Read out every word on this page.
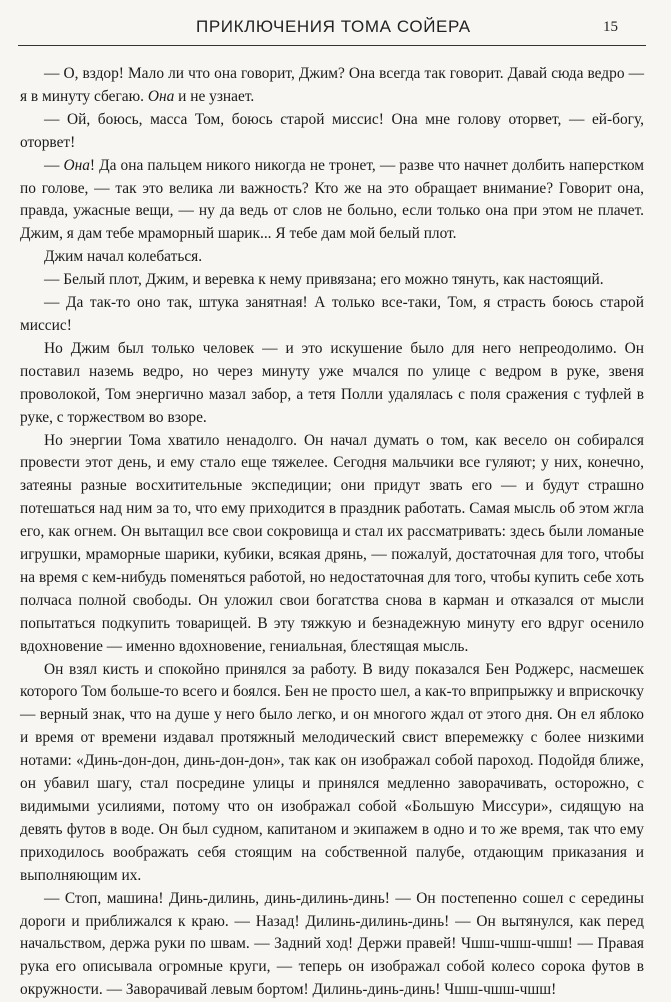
ПРИКЛЮЧЕНИЯ ТОМА СОЙЕРА	15

— О, вздор! Мало ли что она говорит, Джим? Она всегда так говорит. Давай сюда ведро — я в минуту сбегаю. Она и не узнает.

— Ой, боюсь, масса Том, боюсь старой миссис! Она мне голову оторвет, — ей-богу, оторвет!

— Она! Да она пальцем никого никогда не тронет, — разве что начнет долбить наперстком по голове, — так это велика ли важность? Кто же на это обращает внимание? Говорит она, правда, ужасные вещи, — ну да ведь от слов не больно, если только она при этом не плачет. Джим, я дам тебе мраморный шарик... Я тебе дам мой белый плот.

Джим начал колебаться.

— Белый плот, Джим, и веревка к нему привязана; его можно тянуть, как настоящий.

— Да так-то оно так, штука занятная! А только все-таки, Том, я страсть боюсь старой миссис!

Но Джим был только человек — и это искушение было для него непреодолимо. Он поставил наземь ведро, но через минуту уже мчался по улице с ведром в руке, звеня проволокой, Том энергично мазал забор, а тетя Полли удалялась с поля сражения с туфлей в руке, с торжеством во взоре.

Но энергии Тома хватило ненадолго. Он начал думать о том, как весело он собирался провести этот день, и ему стало еще тяжелее. Сегодня мальчики все гуляют; у них, конечно, затеяны разные восхитительные экспедиции; они придут звать его — и будут страшно потешаться над ним за то, что ему приходится в праздник работать. Самая мысль об этом жгла его, как огнем. Он вытащил все свои сокровища и стал их рассматривать: здесь были ломаные игрушки, мраморные шарики, кубики, всякая дрянь, — пожалуй, достаточная для того, чтобы на время с кем-нибудь поменяться работой, но недостаточная для того, чтобы купить себе хоть полчаса полной свободы. Он уложил свои богатства снова в карман и отказался от мысли попытаться подкупить товарищей. В эту тяжкую и безнадежную минуту его вдруг осенило вдохновение — именно вдохновение, гениальная, блестящая мысль.

Он взял кисть и спокойно принялся за работу. В виду показался Бен Роджерс, насмешек которого Том больше-то всего и боялся. Бен не просто шел, а как-то вприпрыжку и вприскочку — верный знак, что на душе у него было легко, и он многого ждал от этого дня. Он ел яблоко и время от времени издавал протяжный мелодический свист вперемежку с более низкими нотами: «Динь-дон-дон, динь-дон-дон», так как он изображал собой пароход. Подойдя ближе, он убавил шагу, стал посредине улицы и принялся медленно заворачивать, осторожно, с видимыми усилиями, потому что он изображал собой «Большую Миссури», сидящую на девять футов в воде. Он был судном, капитаном и экипажем в одно и то же время, так что ему приходилось воображать себя стоящим на собственной палубе, отдающим приказания и выполняющим их.

— Стоп, машина! Динь-дилинь, динь-дилинь-динь! — Он постепенно сошел с середины дороги и приближался к краю. — Назад! Дилинь-дилинь-динь! — Он вытянулся, как перед начальством, держа руки по швам. — Задний ход! Держи правей! Чшш-чшш-чшш! — Правая рука его описывала огромные круги, — теперь он изображал собой колесо сорока футов в окружности. — Заворачивай левым бортом! Дилинь-динь-динь! Чшш-чшш-чшш!
